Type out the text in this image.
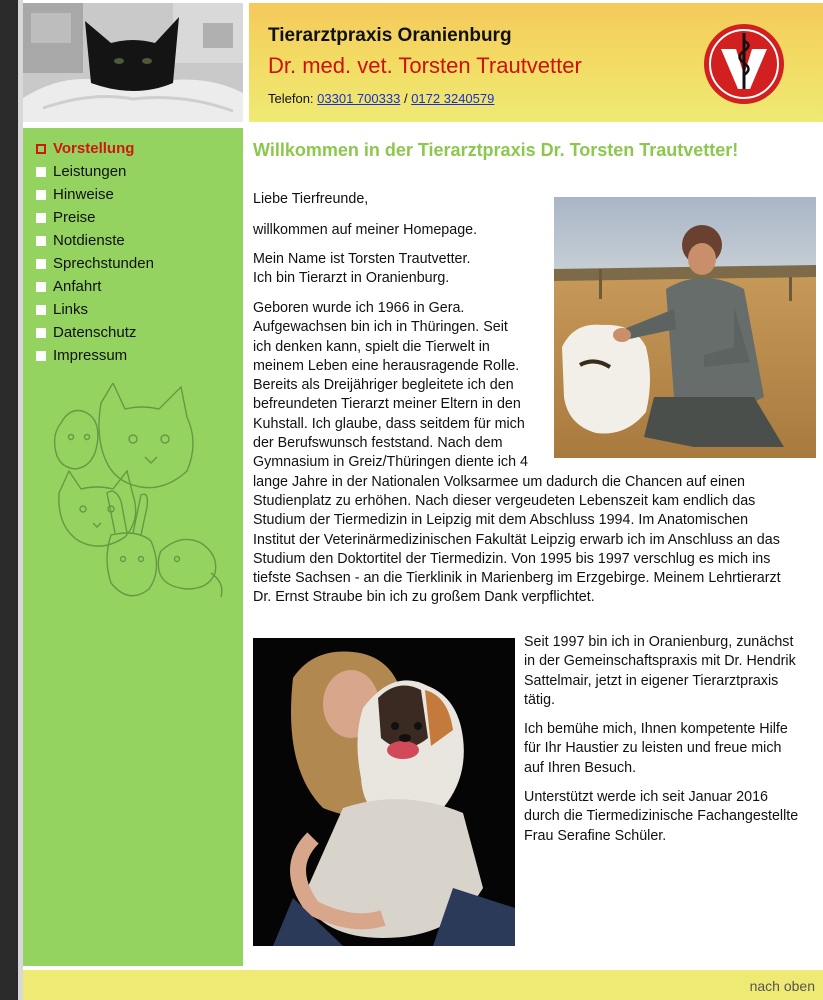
Tierarztpraxis Oranienburg
Dr. med. vet. Torsten Trautvetter
Telefon: 03301 700333 / 0172 3240579
Vorstellung
Leistungen
Hinweise
Preise
Notdienste
Sprechstunden
Anfahrt
Links
Datenschutz
Impressum
Willkommen in der Tierarztpraxis Dr. Torsten Trautvetter!

Liebe Tierfreunde,

willkommen auf meiner Homepage.

Mein Name ist Torsten Trautvetter.
Ich bin Tierarzt in Oranienburg.
Geboren wurde ich 1966 in Gera.
Aufgewachsen bin ich in Thüringen. Seit
ich denken kann, spielt die Tierwelt in
meinem Leben eine herausragende Rolle.
Bereits als Dreijähriger begleitete ich den
befreundeten Tierarzt meiner Eltern in den
Kuhstall. Ich glaube, dass seitdem für mich
der Berufswunsch feststand. Nach dem
Gymnasium in Greiz/Thüringen diente ich 4
lange Jahre in der Nationalen Volksarmee um dadurch die Chancen auf einen
Studienplatz zu erhöhen. Nach dieser vergeudeten Lebenszeit kam endlich das
Studium der Tiermedizin in Leipzig mit dem Abschluss 1994. Im Anatomischen
Institut der Veterinärmedizinischen Fakultät Leipzig erwarb ich im Anschluss an das
Studium den Doktortitel der Tiermedizin. Von 1995 bis 1997 verschlug es mich ins
tiefste Sachsen - an die Tierklinik in Marienberg im Erzgebirge. Meinem Lehrtierarzt
Dr. Ernst Straube bin ich zu großem Dank verpflichtet.
Seit 1997 bin ich in Oranienburg, zunächst
in der Gemeinschaftspraxis mit Dr. Hendrik
Sattelmair, jetzt in eigener Tierarztpraxis
tätig.
Ich bemühe mich, Ihnen kompetente Hilfe
für Ihr Haustier zu leisten und freue mich
auf Ihren Besuch.
Unterstützt werde ich seit Januar 2016
durch die Tiermedizinische Fachangestellte
Frau Serafine Schüler.
nach oben
